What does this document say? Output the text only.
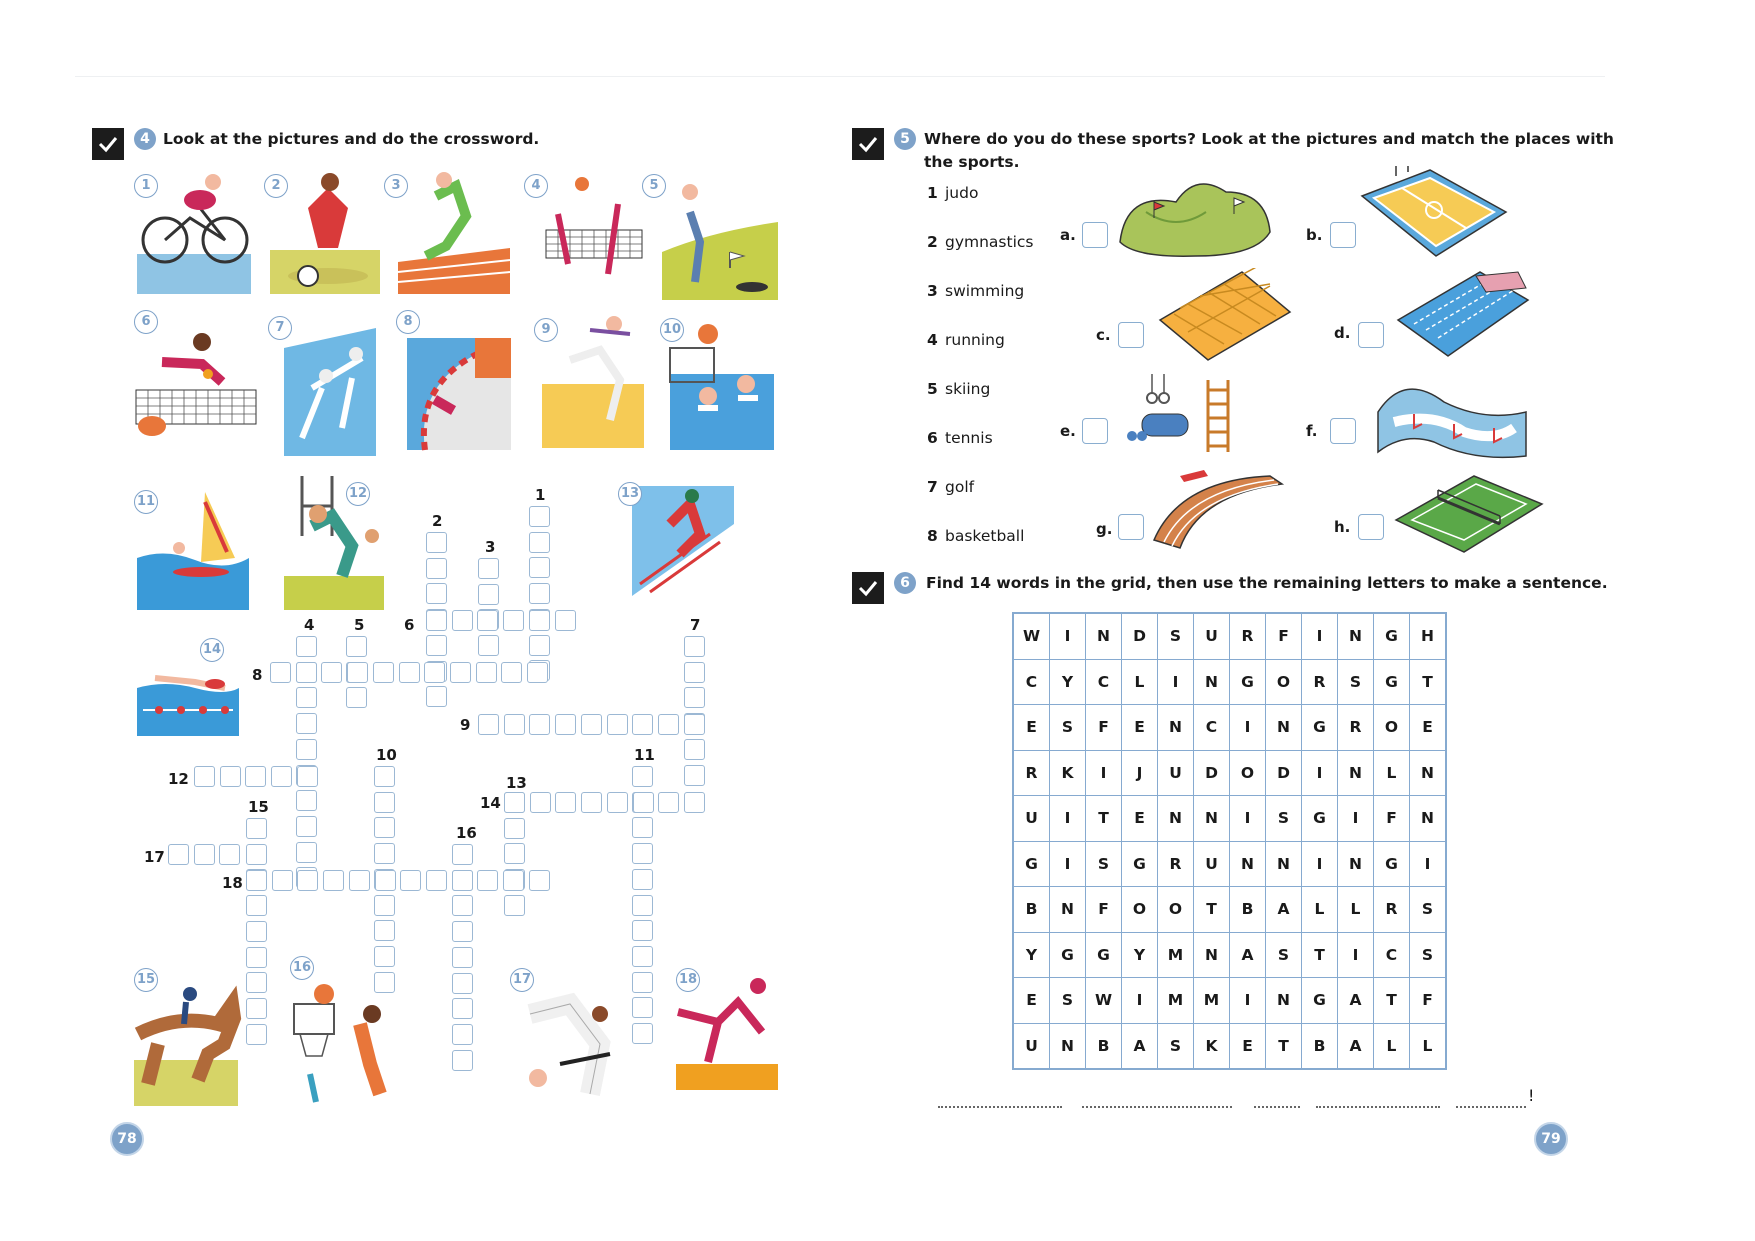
4 Look at the pictures and do the crossword.
1	2	3	4	5
6	7	8
9	10
11
12	13
14
15
16
17	18
1
2
3
4	5	6	7
8
9
10	11
12	13
14
15
16
17
18
5 Where do you do these sports? Look at the pictures and match the places with
the sports.
1 judo
2 gymnastics
3 swimming
4 running
5 skiing
6 tennis
7 golf
8 basketball
a.	b.
c.	d.
e.	f.
g.	h.
6	Find 14 words in the grid, then use the remaining letters to make a sentence.
W	I	N	D	S	U	R	F	I	N	G	H
C	Y	C	L	I	N	G	O	R	S	G	T
E	S	F	E	N	C	I	N	G	R	O	E
R	K	I	J	U	D	O	D	I	N	L	N
U	I	T	E	N	N	I	S	G	I	F	N
G	I	S	G	R	U	N	N	I	N	G	I
B	N	F	O	O	T	B	A	L	L	R	S
Y	G	G	Y	M	N	A	S	T	I	C	S
E	S	W	I	M	M	I	N	G	A	T	F
U	N	B	A	S	K	E	T	B	A	L	L
!
78	79
